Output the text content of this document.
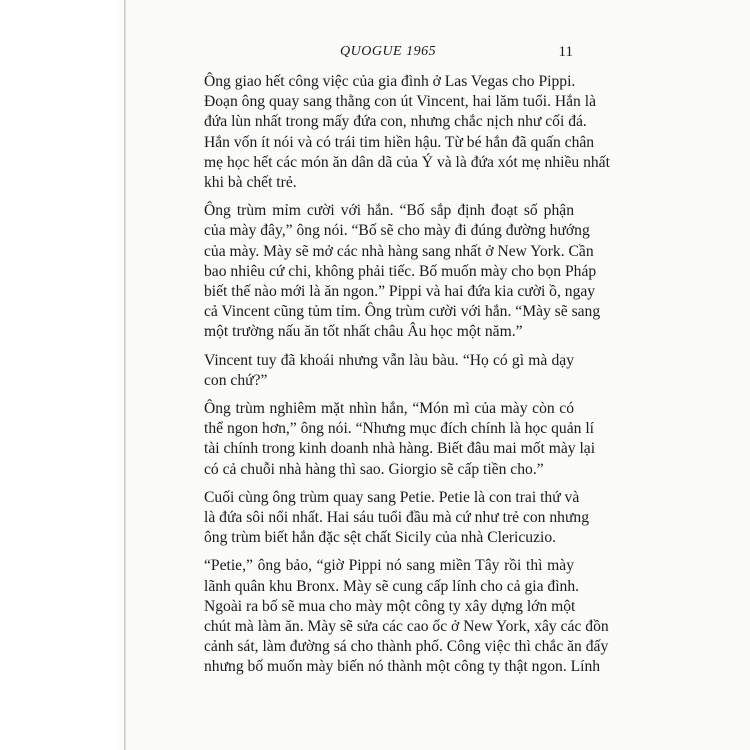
QUOGUE 1965	11

Ông giao hết công việc của gia đình ở Las Vegas cho Pippi.
Đoạn ông quay sang thằng con út Vincent, hai lăm tuổi. Hắn là
đứa lùn nhất trong mấy đứa con, nhưng chắc nịch như cối đá.
Hắn vốn ít nói và có trái tim hiền hậu. Từ bé hắn đã quấn chân
mẹ học hết các món ăn dân dã của Ý và là đứa xót mẹ nhiều nhất
khi bà chết trẻ.

Ông trùm mỉm cười với hắn. “Bố sắp định đoạt số phận
của mày đây,” ông nói. “Bố sẽ cho mày đi đúng đường hướng
của mày. Mày sẽ mở các nhà hàng sang nhất ở New York. Cần
bao nhiêu cứ chi, không phải tiếc. Bố muốn mày cho bọn Pháp
biết thế nào mới là ăn ngon.” Pippi và hai đứa kia cười ồ, ngay
cả Vincent cũng tủm tỉm. Ông trùm cười với hắn. “Mày sẽ sang
một trường nấu ăn tốt nhất châu Âu học một năm.”

Vincent tuy đã khoái nhưng vẫn làu bàu. “Họ có gì mà dạy
con chứ?”

Ông trùm nghiêm mặt nhìn hắn, “Món mì của mày còn có
thể ngon hơn,” ông nói. “Nhưng mục đích chính là học quản lí
tài chính trong kinh doanh nhà hàng. Biết đâu mai mốt mày lại
có cả chuỗi nhà hàng thì sao. Giorgio sẽ cấp tiền cho.”

Cuối cùng ông trùm quay sang Petie. Petie là con trai thứ và
là đứa sôi nổi nhất. Hai sáu tuổi đầu mà cứ như trẻ con nhưng
ông trùm biết hắn đặc sệt chất Sicily của nhà Clericuzio.

“Petie,” ông bảo, “giờ Pippi nó sang miền Tây rồi thì mày
lãnh quân khu Bronx. Mày sẽ cung cấp lính cho cả gia đình.
Ngoài ra bố sẽ mua cho mày một công ty xây dựng lớn một
chút mà làm ăn. Mày sẽ sửa các cao ốc ở New York, xây các đồn
cảnh sát, làm đường sá cho thành phố. Công việc thì chắc ăn đấy
nhưng bố muốn mày biến nó thành một công ty thật ngon. Lính
